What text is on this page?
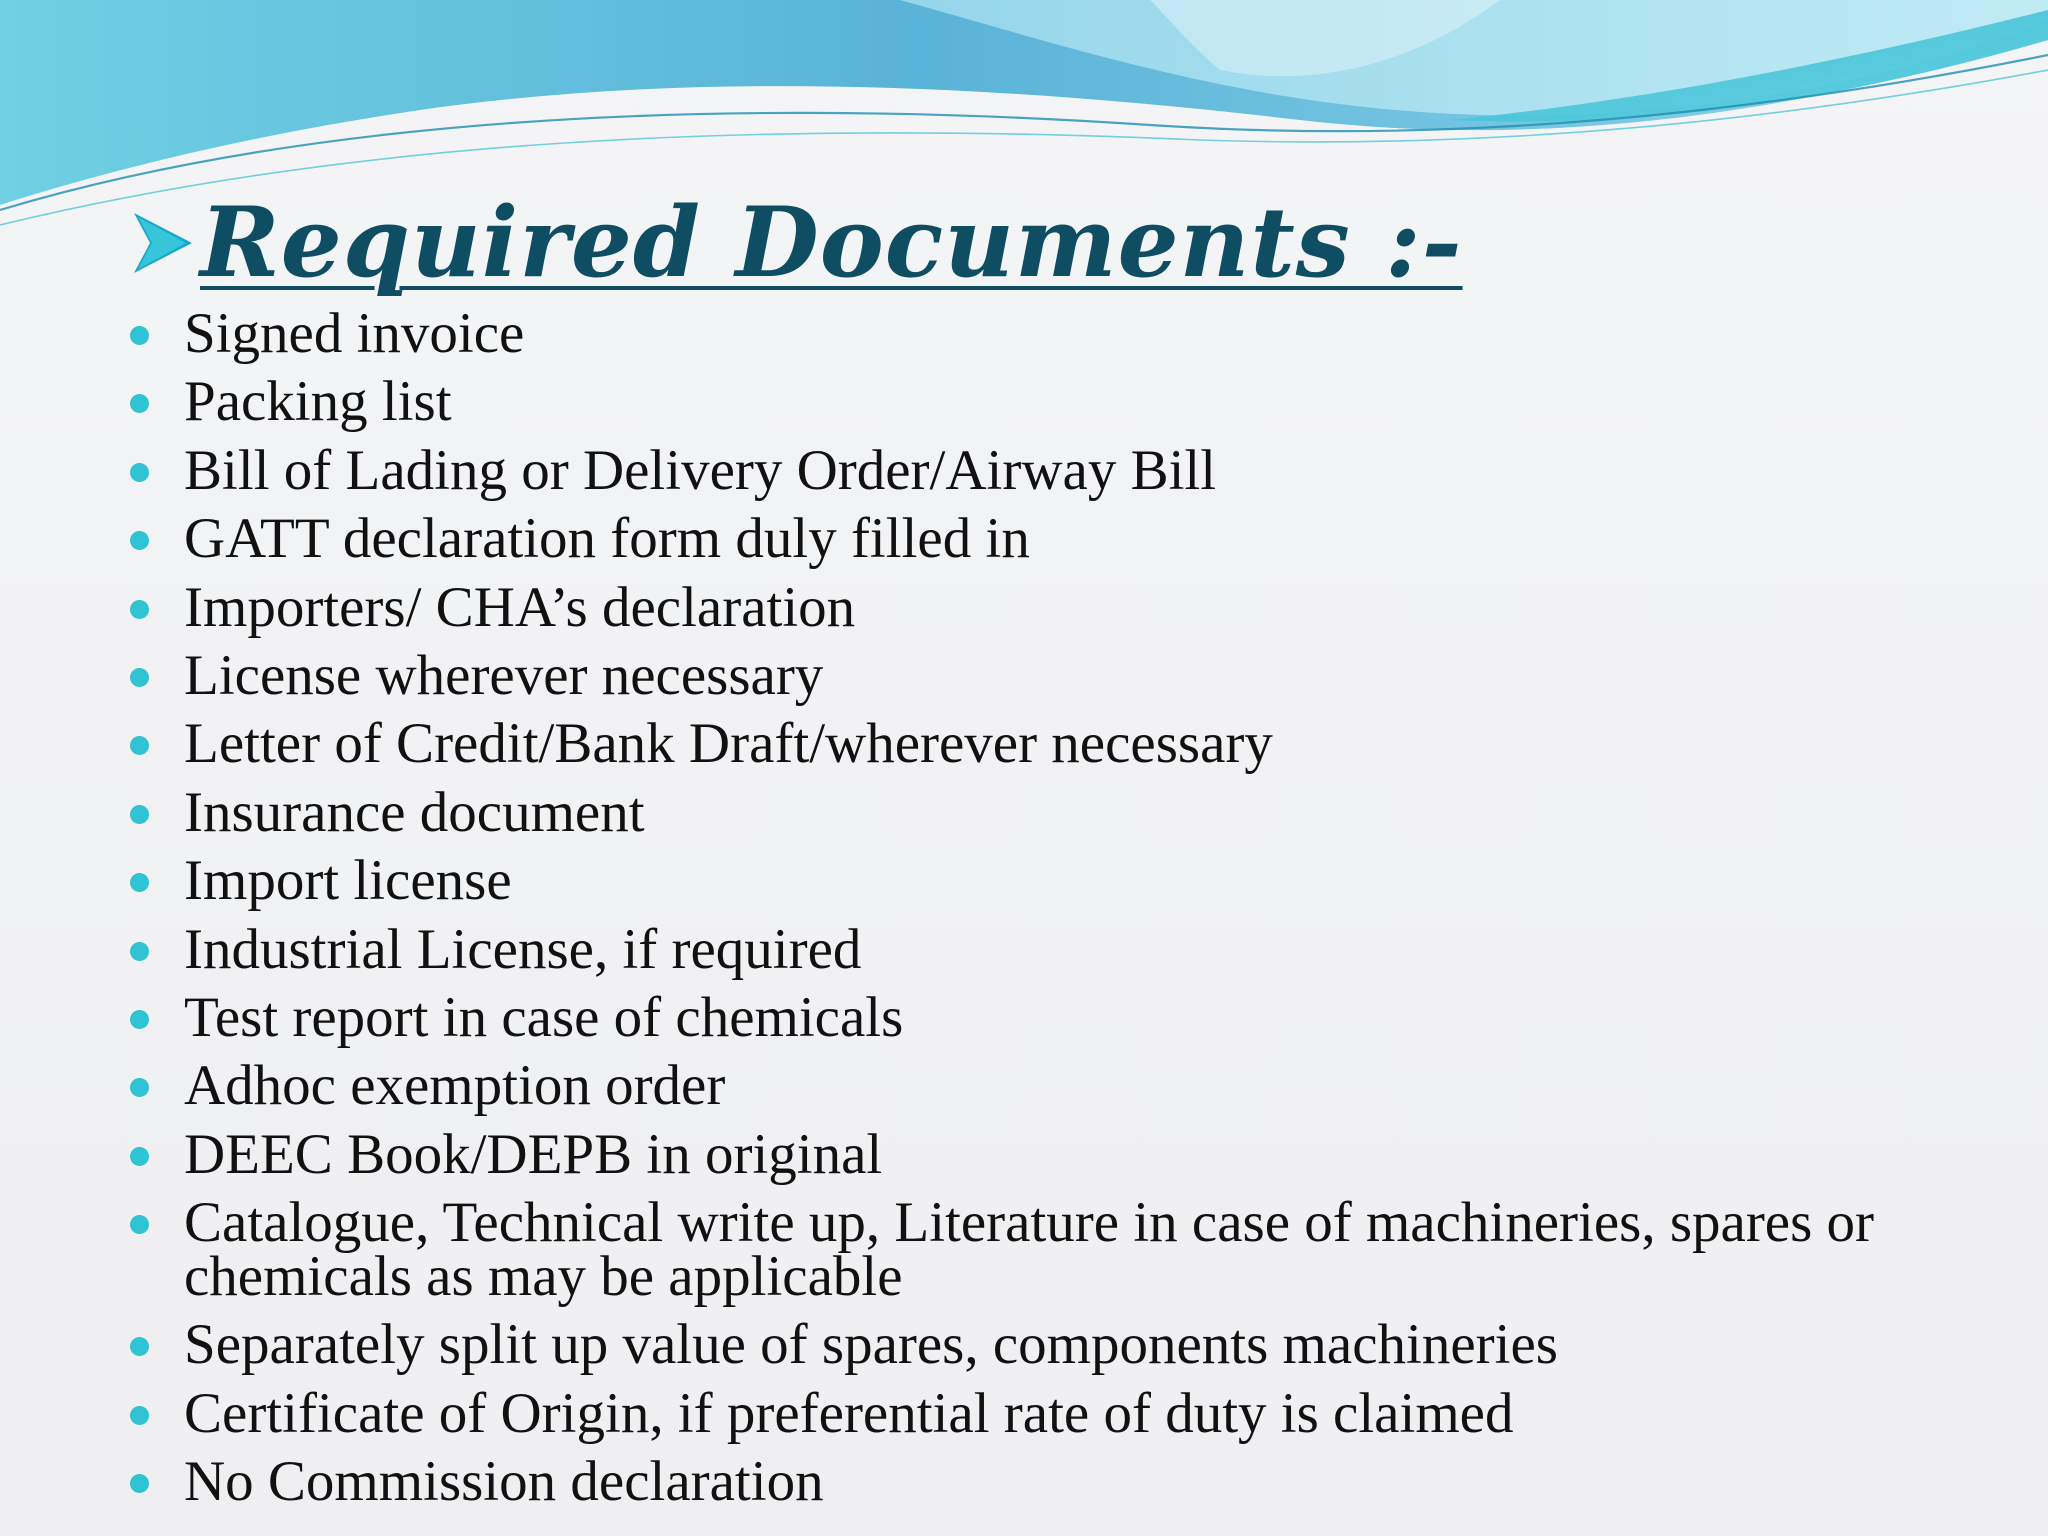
Required Documents :-
Signed invoice
Packing list
Bill of Lading or Delivery Order/Airway Bill
GATT declaration form duly filled in
Importers/ CHA’s declaration
License wherever necessary
Letter of Credit/Bank Draft/wherever necessary
Insurance document
Import license
Industrial License, if required
Test report in case of chemicals
Adhoc exemption order
DEEC Book/DEPB in original
Catalogue, Technical write up, Literature in case of machineries, spares or chemicals as may be applicable
Separately split up value of spares, components machineries
Certificate of Origin, if preferential rate of duty is claimed
No Commission declaration
